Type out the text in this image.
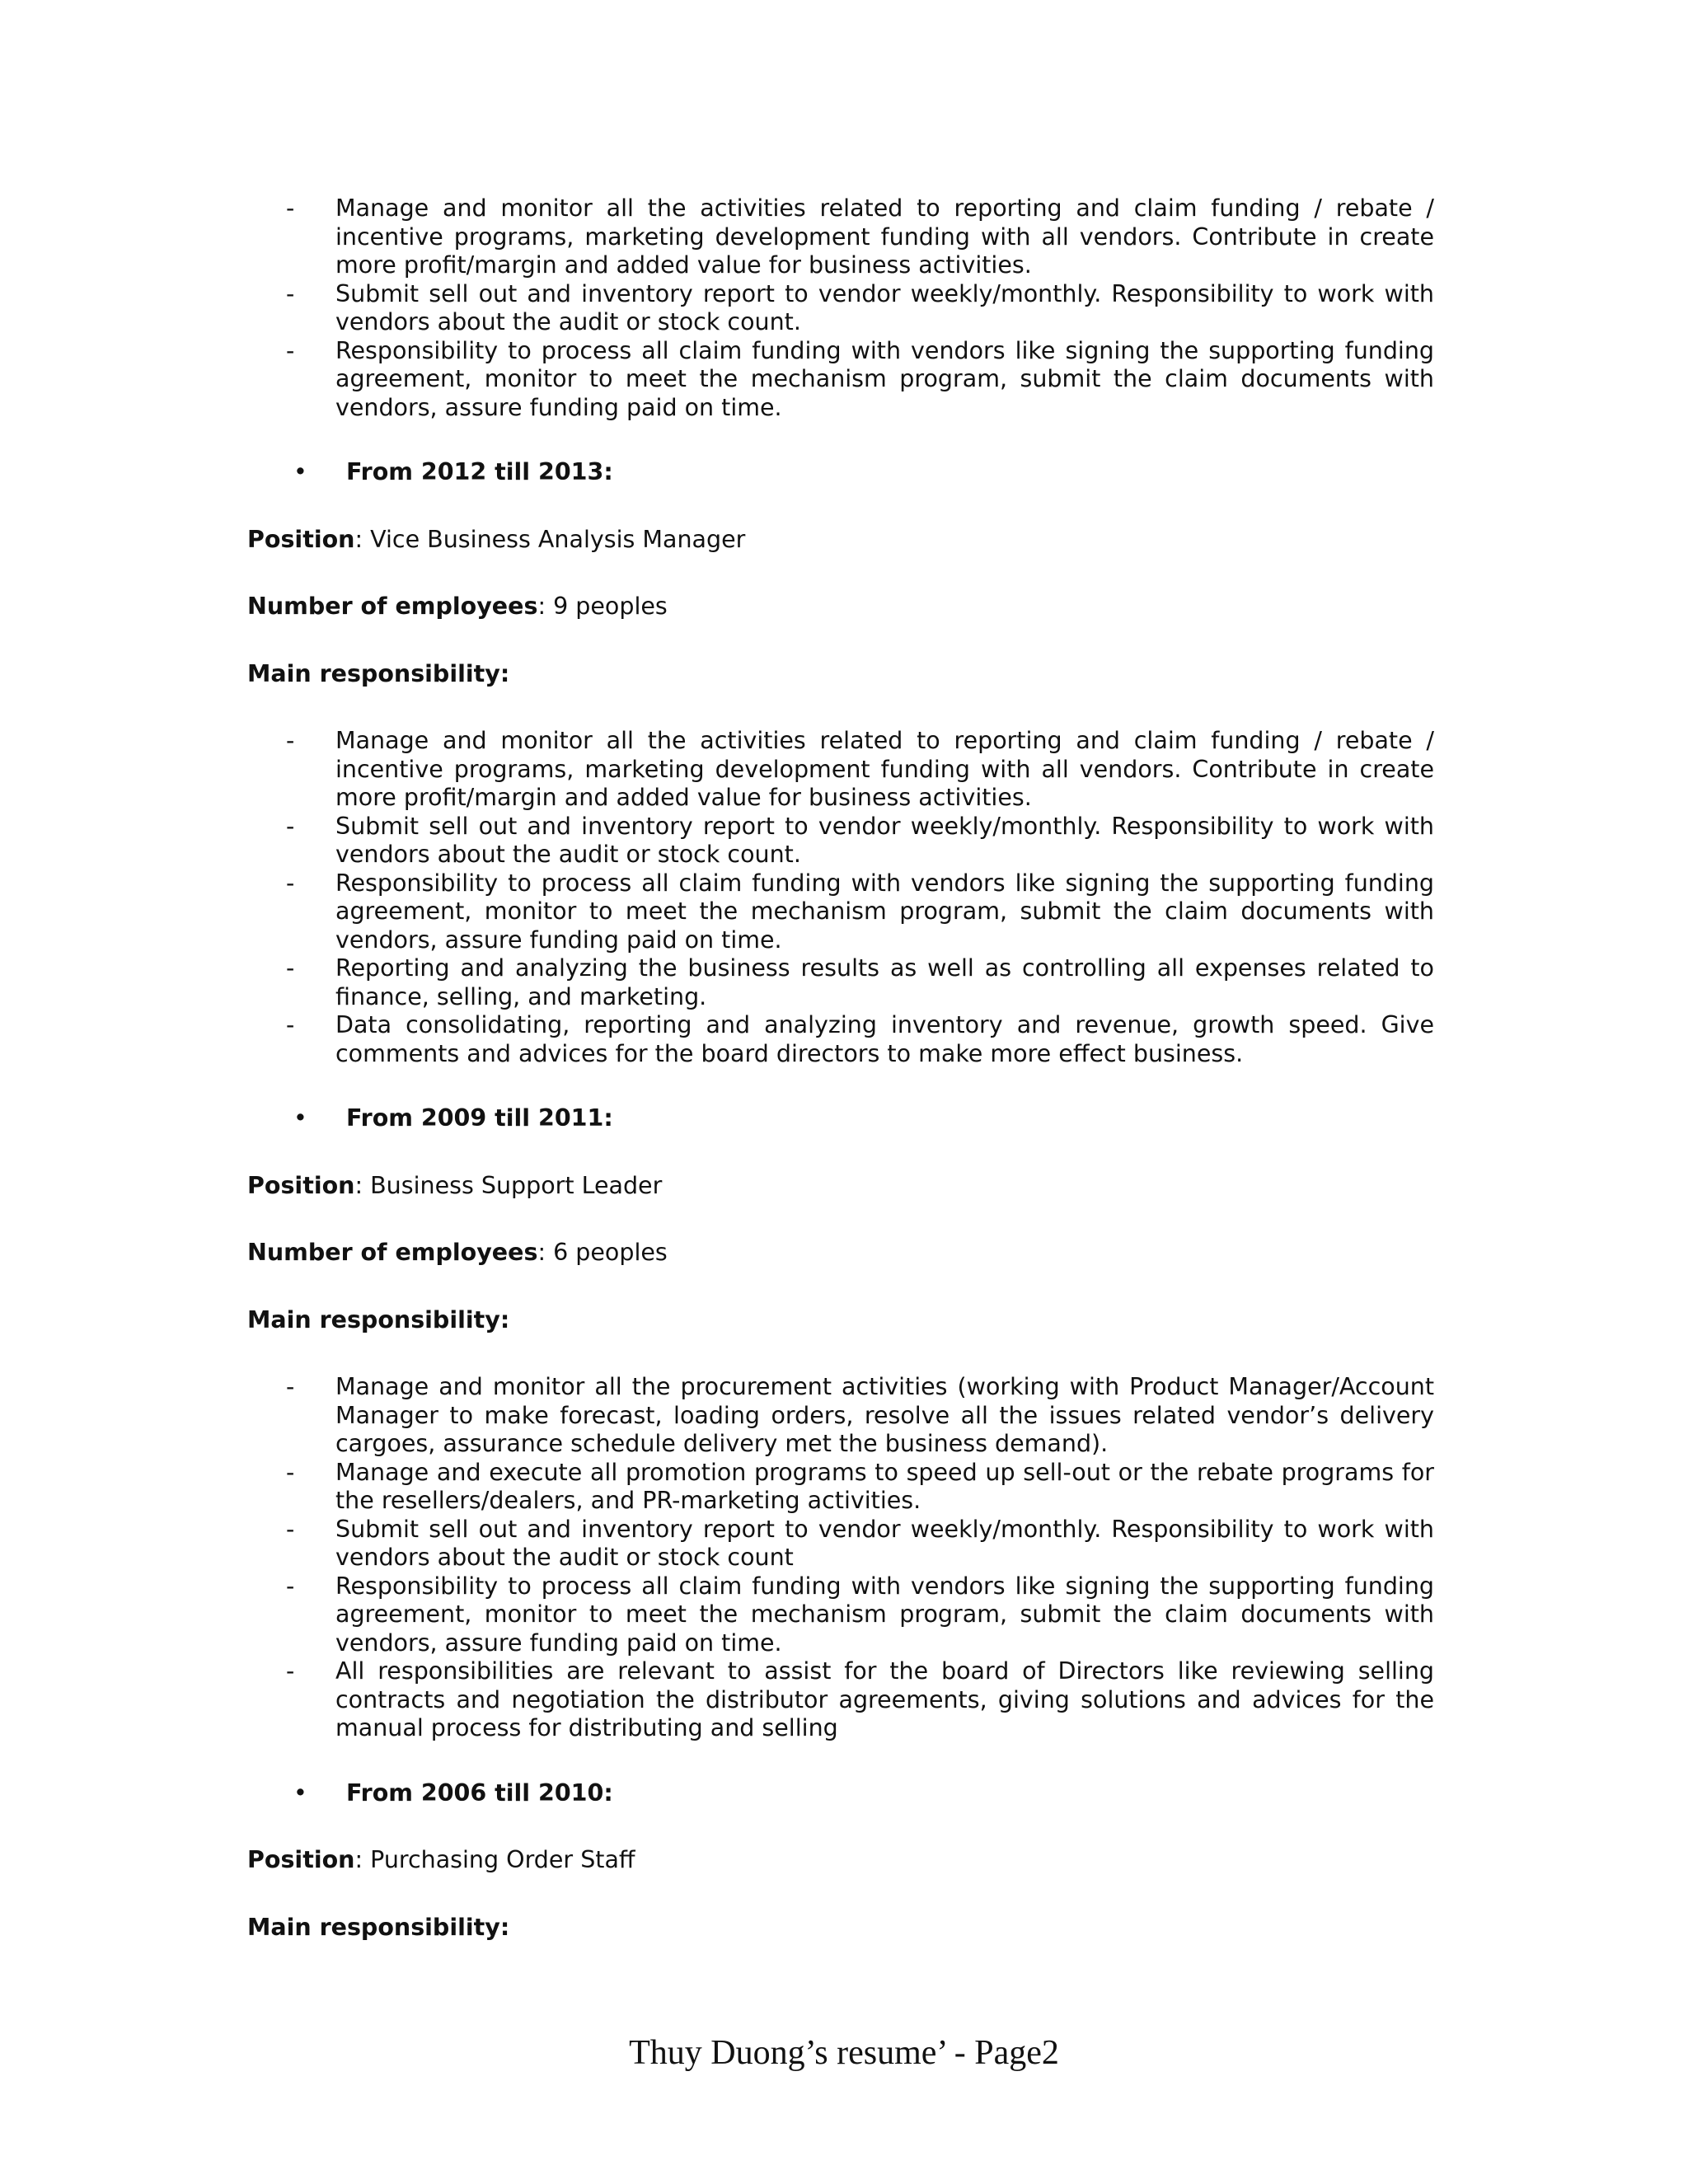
- Manage and monitor all the activities related to reporting and claim funding / rebate / incentive programs, marketing development funding with all vendors. Contribute in create more profit/margin and added value for business activities.
- Submit sell out and inventory report to vendor weekly/monthly. Responsibility to work with vendors about the audit or stock count.
- Responsibility to process all claim funding with vendors like signing the supporting funding agreement, monitor to meet the mechanism program, submit the claim documents with vendors, assure funding paid on time.
• From 2012 till 2013:
Position: Vice Business Analysis Manager
Number of employees: 9 peoples
Main responsibility:
- Manage and monitor all the activities related to reporting and claim funding / rebate / incentive programs, marketing development funding with all vendors. Contribute in create more profit/margin and added value for business activities.
- Submit sell out and inventory report to vendor weekly/monthly. Responsibility to work with vendors about the audit or stock count.
- Responsibility to process all claim funding with vendors like signing the supporting funding agreement, monitor to meet the mechanism program, submit the claim documents with vendors, assure funding paid on time.
- Reporting and analyzing the business results as well as controlling all expenses related to finance, selling, and marketing.
- Data consolidating, reporting and analyzing inventory and revenue, growth speed. Give comments and advices for the board directors to make more effect business.
• From 2009 till 2011:
Position: Business Support Leader
Number of employees: 6 peoples
Main responsibility:
- Manage and monitor all the procurement activities (working with Product Manager/Account Manager to make forecast, loading orders, resolve all the issues related vendor’s delivery cargoes, assurance schedule delivery met the business demand).
- Manage and execute all promotion programs to speed up sell-out or the rebate programs for the resellers/dealers, and PR-marketing activities.
- Submit sell out and inventory report to vendor weekly/monthly. Responsibility to work with vendors about the audit or stock count
- Responsibility to process all claim funding with vendors like signing the supporting funding agreement, monitor to meet the mechanism program, submit the claim documents with vendors, assure funding paid on time.
- All responsibilities are relevant to assist for the board of Directors like reviewing selling contracts and negotiation the distributor agreements, giving solutions and advices for the manual process for distributing and selling
• From 2006 till 2010:
Position: Purchasing Order Staff
Main responsibility:
Thuy Duong’s resume’ - Page2
